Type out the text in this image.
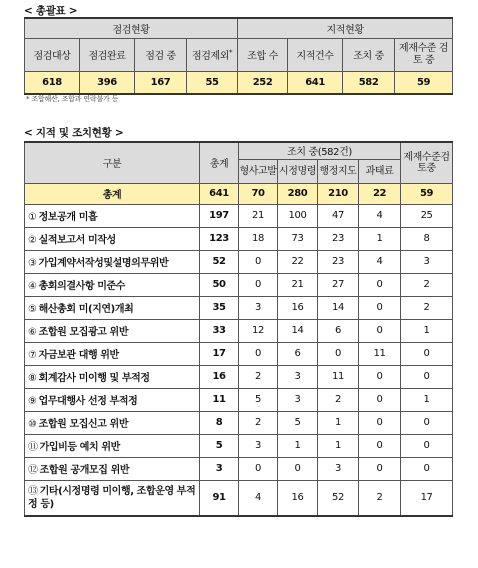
< 총괄표 >
점검현황				지적현황			
점검대상	점검완료	점검 중	점검제외*	조합 수	지적건수	조치 중	제재수준 검토 중
618	396	167	55	252	641	582	59
* 조합해산, 조합과 연락불가 등
< 지적 및 조치현황 >
구분	총계	조치 중(582건)				제재수준검토중
		형사고발	시정명령	행정지도	과태료	
총계	641	70	280	210	22	59
① 정보공개 미흡	197	21	100	47	4	25
② 실적보고서 미작성	123	18	73	23	1	8
③ 가입계약서작성및설명의무위반	52	0	22	23	4	3
④ 총회의결사항 미준수	50	0	21	27	0	2
⑤ 해산총회 미(지연)개최	35	3	16	14	0	2
⑥ 조합원 모집광고 위반	33	12	14	6	0	1
⑦ 자금보관 대행 위반	17	0	6	0	11	0
⑧ 회계감사 미이행 및 부적정	16	2	3	11	0	0
⑨ 업무대행사 선정 부적정	11	5	3	2	0	1
⑩ 조합원 모집신고 위반	8	2	5	1	0	0
⑪ 가입비등 예치 위반	5	3	1	1	0	0
⑫ 조합원 공개모집 위반	3	0	0	3	0	0
⑬ 기타(시정명령 미이행, 조합운영 부적정 등)	91	4	16	52	2	17
